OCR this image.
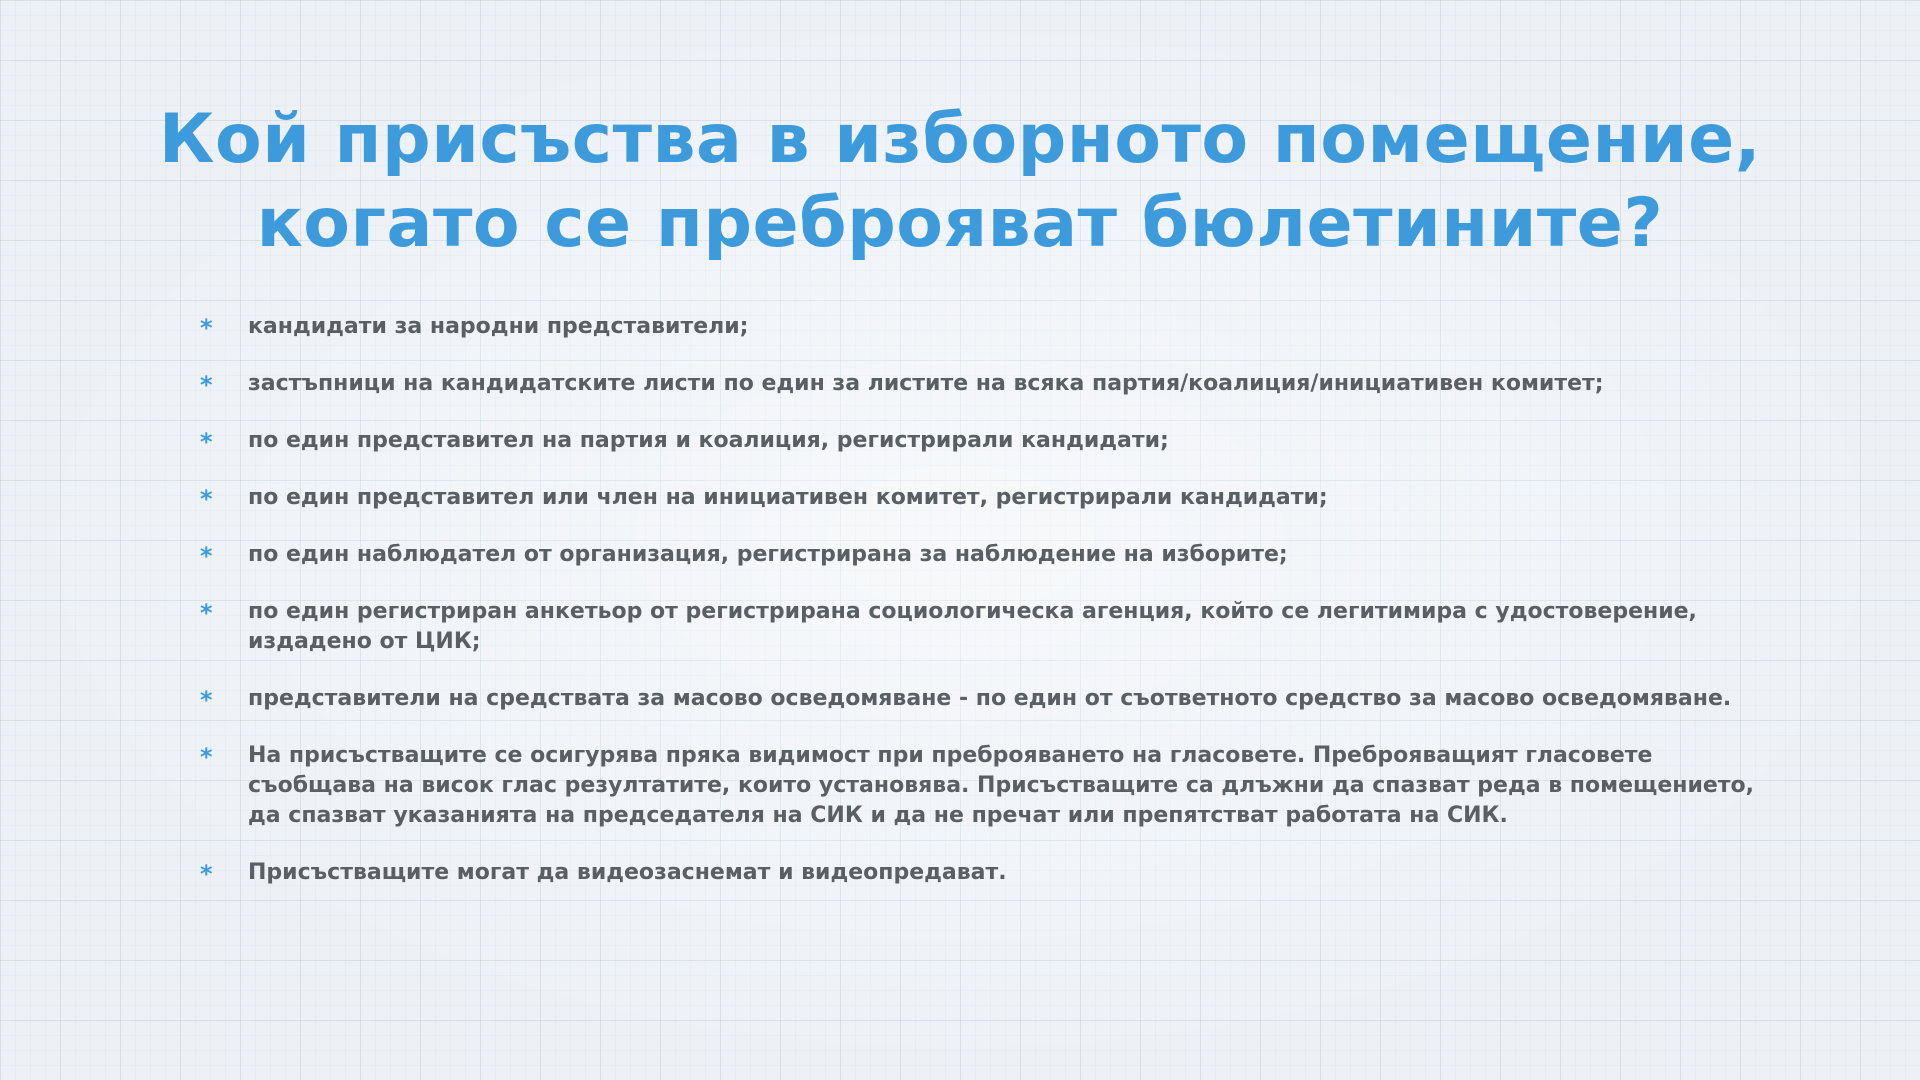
Кой присъства в изборното помещение,
когато се преброяват бюлетините?
* кандидати за народни представители;
* застъпници на кандидатските листи по един за листите на всяка партия/коалиция/инициативен комитет;
* по един представител на партия и коалиция, регистрирали кандидати;
* по един представител или член на инициативен комитет, регистрирали кандидати;
* по един наблюдател от организация, регистрирана за наблюдение на изборите;
* по един регистриран анкетьор от регистрирана социологическа агенция, който се легитимира с удостоверение, издадено от ЦИК;
* представители на средствата за масово осведомяване - по един от съответното средство за масово осведомяване.
* На присъстващите се осигурява пряка видимост при преброяването на гласовете. Преброяващият гласовете съобщава на висок глас резултатите, които установява. Присъстващите са длъжни да спазват реда в помещението, да спазват указанията на председателя на СИК и да не пречат или препятстват работата на СИК.
* Присъстващите могат да видеозаснемат и видеопредават.
